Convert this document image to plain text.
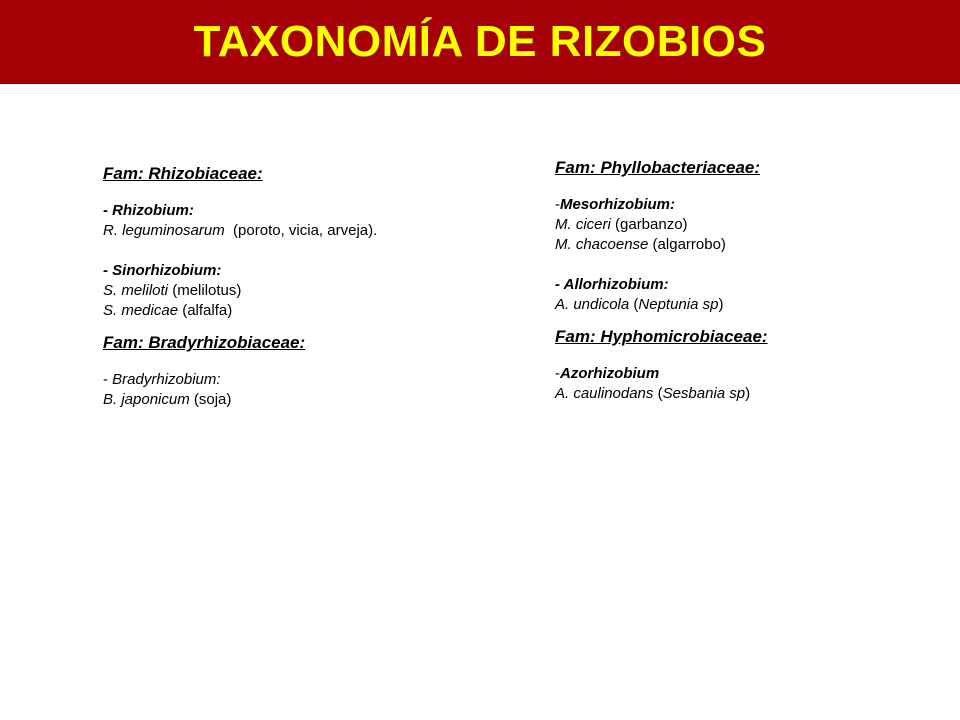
TAXONOMÍA DE RIZOBIOS

Fam: Rhizobiaceae:

- Rhizobium:

R. leguminosarum  (poroto, vicia, arveja).

- Sinorhizobium:

S. meliloti (melilotus)

S. medicae (alfalfa)

Fam: Bradyrhizobiaceae:

- Bradyrhizobium:

B. japonicum (soja)

Fam: Phyllobacteriaceae:

-Mesorhizobium:

M. ciceri (garbanzo)

M. chacoense (algarrobo)

- Allorhizobium:

A. undicola (Neptunia sp)

Fam: Hyphomicrobiaceae:

-Azorhizobium

A. caulinodans (Sesbania sp)
